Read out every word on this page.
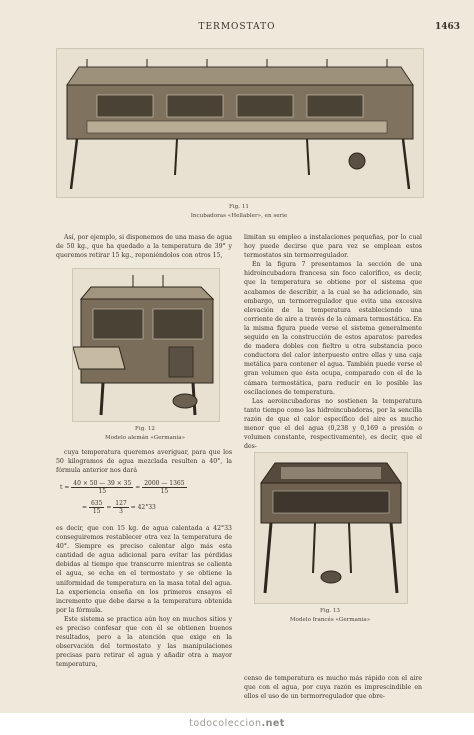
TERMOSTATO	1463
Fig. 11
Incubadoras «Hellabler», en serie

Así, por ejemplo, si disponemos de una masa de agua de 50 kg., que ha quedado a la temperatura de 39° y queremos retirar 15 kg., reponiéndolos con otros 15,

Fig. 12
Modelo alemán «Germania»

cuya temperatura queremos averiguar, para que los 50 kilogramos de agua mezclada resulten a 40°, la fórmula anterior nos dará

$t = \frac{40 \times 50 — 39 \times 35}{15} = \frac{2000 — 1365}{15}$
= $\frac{635}{15} = \frac{127}{3} = 42^\circ 33$

es decir, que con 15 kg. de agua calentada a 42°33 conseguiremos restablecer otra vez la temperatura de 40°. Siempre es preciso calentar algo más esta cantidad de agua adicional para evitar las pérdidas debidas al tiempo que transcurre mientras se calienta el agua, se echa en el termostato y se obtiene la uniformidad de temperatura en la masa total del agua. La experiencia enseña en los primeros ensayos el incremento que debe darse a la temperatura obtenida por la fórmula.

Este sistema se practica aún hoy en muchos sitios y es preciso confesar que con él se obtienen buenos resultados, pero a la atención que exige en la observación del termostato y las manipulaciones precisas para retirar el agua y añadir otra a mayor temperatura,

limitan su empleo a instalaciones pequeñas, por lo cual hoy puede decirse que para vez se emplean estos termostatos sin termorregulador.

En la figura 7 presentamos la sección de una hidroincubadora francesa sin foco calorífico, es decir, que la temperatura se obtiene por el sistema que acabamos de describir, a la cual se ha adicionado, sin embargo, un termorregulador que evita una excesiva elevación de la temperatura estableciendo una corriente de aire a través de la cámara termostática. En la misma figura puede verse el sistema generalmente seguido en la construcción de estos aparatos: paredes de madera dobles con fieltro u otra substancia poco conductora del calor interpuesto entre ellas y una caja metálica para contener el agua. También puede verse el gran volumen que ésta ocupa, comparado con el de la cámara termostática, para reducir en lo posible las oscilaciones de temperatura.

Las aeroincubadoras no sostienen la temperatura tanto tiempo como las hidroincubadoras, por la sencilla razón de que el calor específico del aire es mucho menor que el del agua (0,238 y 0,169 a presión o volumen constante, respectivamente), es decir, que el des-

Fig. 13
Modelo francés «Germania»

censo de temperatura es mucho más rápido con el aire que con el agua, por cuya razón es imprescindible en ellos el uso de un termorregulador que obre-

todocoleccion.net
